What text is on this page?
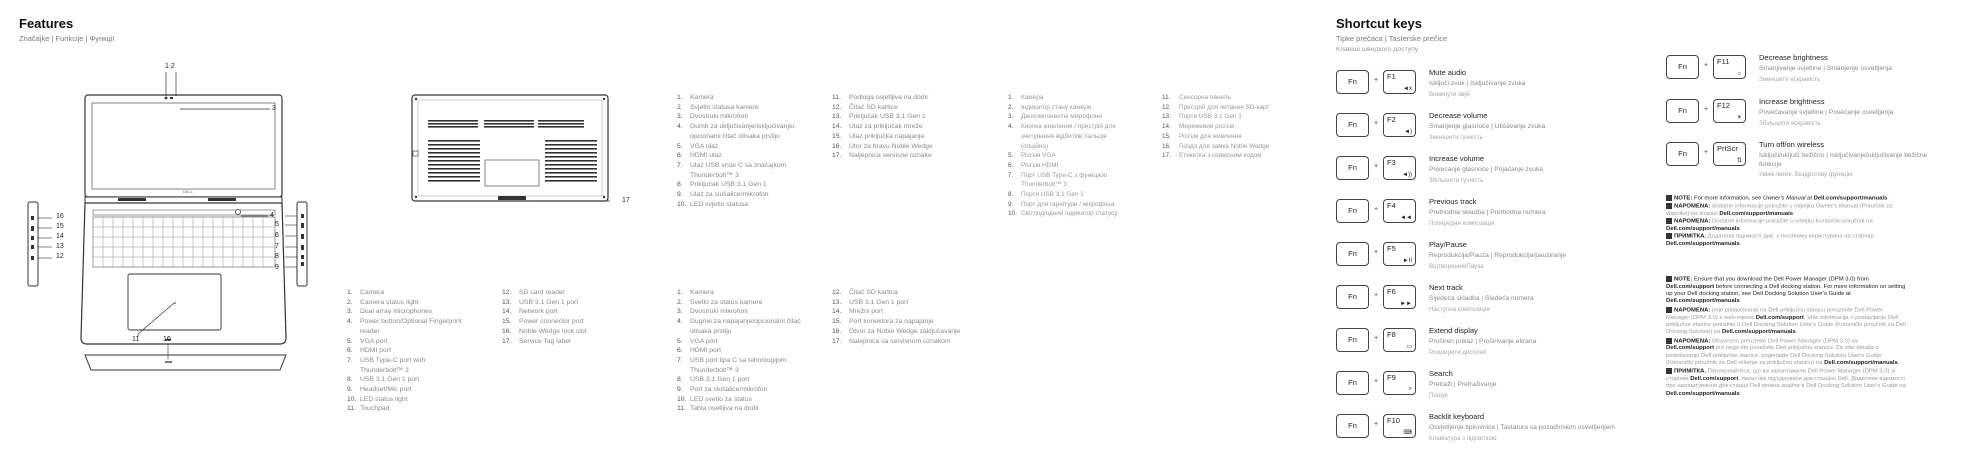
Features
Značajke | Funkcije | Функції
DELL
1 2
3
4
5
6
7
8
9
10
11
12
13
14
15
16
17
1.	Camera
2.	Camera status light
3.	Dual array microphones
4.	Power button/Optional Fingerprint
reader
5.	VGA port
6.	HDMI port
7.	USB Type-C port with
Thunderbolt™ 3
8.	USB 3.1 Gen 1 port
9.	Headset/Mic port
10. LED status light
11. Touchpad
12.	SD card reader
13.	USB 3.1 Gen 1 port
14.	Network port
15.	Power connector port
16.	Noble Wedge lock slot
17.	Service Tag label
1.	Kamera
2.	Svjetlo statusa kamere
3.	Dvostruki mikrofoni
4.	Gumb za uključivanje/isključivanje/
opcionalni čitač otisaka prstiju
5.	VGA ulaz
6.	HDMI ulaz
7.	Ulaz USB vrste C sa značajkom
Thunderbolt™ 3
8.	Priključak USB 3.1 Gen 1
9.	Ulaz za slušalice/mikrofon
10. LED svjetlo statusa
11.	Podloga osjetljiva na dodir
12.	Čitač SD kartice
13.	Priključak USB 3.1 Gen 1
14.	Ulaz za priključak mreže
15.	Ulaz priključka napajanja
16.	Utor za bravu Noble Wedge
17.	Naljepnica servisne oznake
1.	Kamera
2.	Svetlo za status kamere
3.	Dvostruki mikrofoni
4.	Dugme za napajanje/opcionalni čitač
otisaka prstiju
5.	VGA port
6.	HDMI port
7.	USB port tipa C sa tehnologijom
Thunderbolt™ 3
8.	USB 3.1 Gen 1 port
9.	Port za slušalice/mikrofon
10. LED svetlo za status
11. Tabla osetljiva na dodir
12.	Čitač SD kartica
13.	USB 3.1 Gen 1 port
14.	Mrežni port
15.	Port konektora za napajanje
16.	Otvor za Noble Wedge zaključavanje
17.	Nalepnica sa servisnom oznakom
1.	Камера
2.	Індикатор стану камери
3.	Двокомпонентні мікрофони
4.	Кнопка живлення / пристрій для
зчитування відбитків пальців
(опційно)
5.	Роз'єм VGA
6.	Роз'єм HDMI
7.	Порт USB Type-C з функцією
Thunderbolt™ 3
8.	Порти USB 3.1 Gen 1
9.	Порт для гарнітури / мікрофона
10. Світлодіодний індикатор статусу
11.	Сенсорна панель
12.	Пристрій для читання SD-карт
13.	Порти USB 3.1 Gen 1
14.	Мережевий роз'єм
15.	Роз'єм для живлення
16.	Гніздо для замка Noble Wedge
17.	Етикетка з сервісним кодом
Shortcut keys
Tipke prečaca | Tasterske prečice
Клавіші швидкого доступу
Fn	+ F1
◄x
Mute audio
Isključi zvuk | Isključivanje zvuka
Вимкнути звук
Fn	+ F2
◄)
Decrease volume
Smanjenje glasnoće | Utišavanje zvuka
Зменшити гучність
Fn	+ F3
◄))
Increase volume
Povećanje glasnoće | Pojačanje zvuka
Збільшити гучність
Fn	+ F4
◄◄
Previous track
Prethodna skladba | Prethodna numera
Попередня композиція
Fn	+ F5
►II
Play/Pause
Reprodukcija/Pauza | Reprodukcija/pauziranje
Відтворення/Пауза
Fn	+ F6
►►
Next track
Sljedeća skladba | Sledeća numera
Наступна композиція
Fn	+ F8
▭
Extend display
Proširen prikaz | Proširivanje ekrana
Розширити дисплей
Fn	+ F9
⌕
Search
Pretraži | Pretraživanje
Пошук
Fn	+ F10
⌨
Backlit keyboard
Osvjetljenje tipkovnice | Tastatura sa pozadinskim osvetljenjem
Клавіатура з підсвіткою
Fn	+ F11
☼
Decrease brightness
Smanjivanje svjetline | Smanjenje osvetljenja
Зменшити яскравість
Fn	+ F12
☀
Increase brightness
Povećavanje svjetline | Povećanje osvetljenja
Збільшити яскравість
Fn	+ PrtScr
⇅
Turn off/on wireless
Isključi/uključi bežično | Isključivanje/uključivanje bežične
funkcije
Увімк./вимк. бездротову функцію
NOTE: For more information, see Owner's Manual at Dell.com/support/manuals.
NAPOMENA: dodatne informacije potražite u odjeljku Owner's Manual (Priručnik za vlasnike) na stranici Dell.com/support/manuals.
NAPOMENA: Dodatne informacije potražite u odeljku Korisnički priručnik na Dell.com/support/manuals.
ПРИМІТКА. Додаткові відомості див. у посібнику користувача на сторінці Dell.com/support/manuals.
NOTE: Ensure that you download the Dell Power Manager (DPM 3.0) from Dell.com/support before connecting a Dell docking station. For more information on setting up your Dell docking station, see Dell Docking Solution User's Guide at Dell.com/support/manuals.
NAPOMENA: prije priključivanja na Dell priključnu stanicu preuzmite Dell Power Manager (DPM 3.0) s web-mjesta Dell.com/support. Više informacija o postavljanju Dell priključne stanice potražite u Dell Docking Solution User's Guide (Korisnički priručnik za Dell Docking Solution) na Dell.com/support/manuals.
NAPOMENA: Obavezno preuzmite Dell Power Manager (DPM 3.0) sa Dell.com/support pre nego što povežete Dell priključnu stanicu. Za više detalja o podešavanju Dell priključne stanice, pogledajte Dell Docking Solution User's Guide (Korisnički priručnik za Dell rešenje za priključnu stanicu) na Dell.com/support/manuals.
ПРИМІТКА. Переконайтеся, що ви завантажили Dell Power Manager (DPM 3.0) зі сторінки Dell.com/support, перш ніж під'єднувати док-станцію Dell. Додаткові відомості про налаштування док-станції Dell можна знайти в Dell Docking Solution User's Guide на Dell.com/support/manuals.
